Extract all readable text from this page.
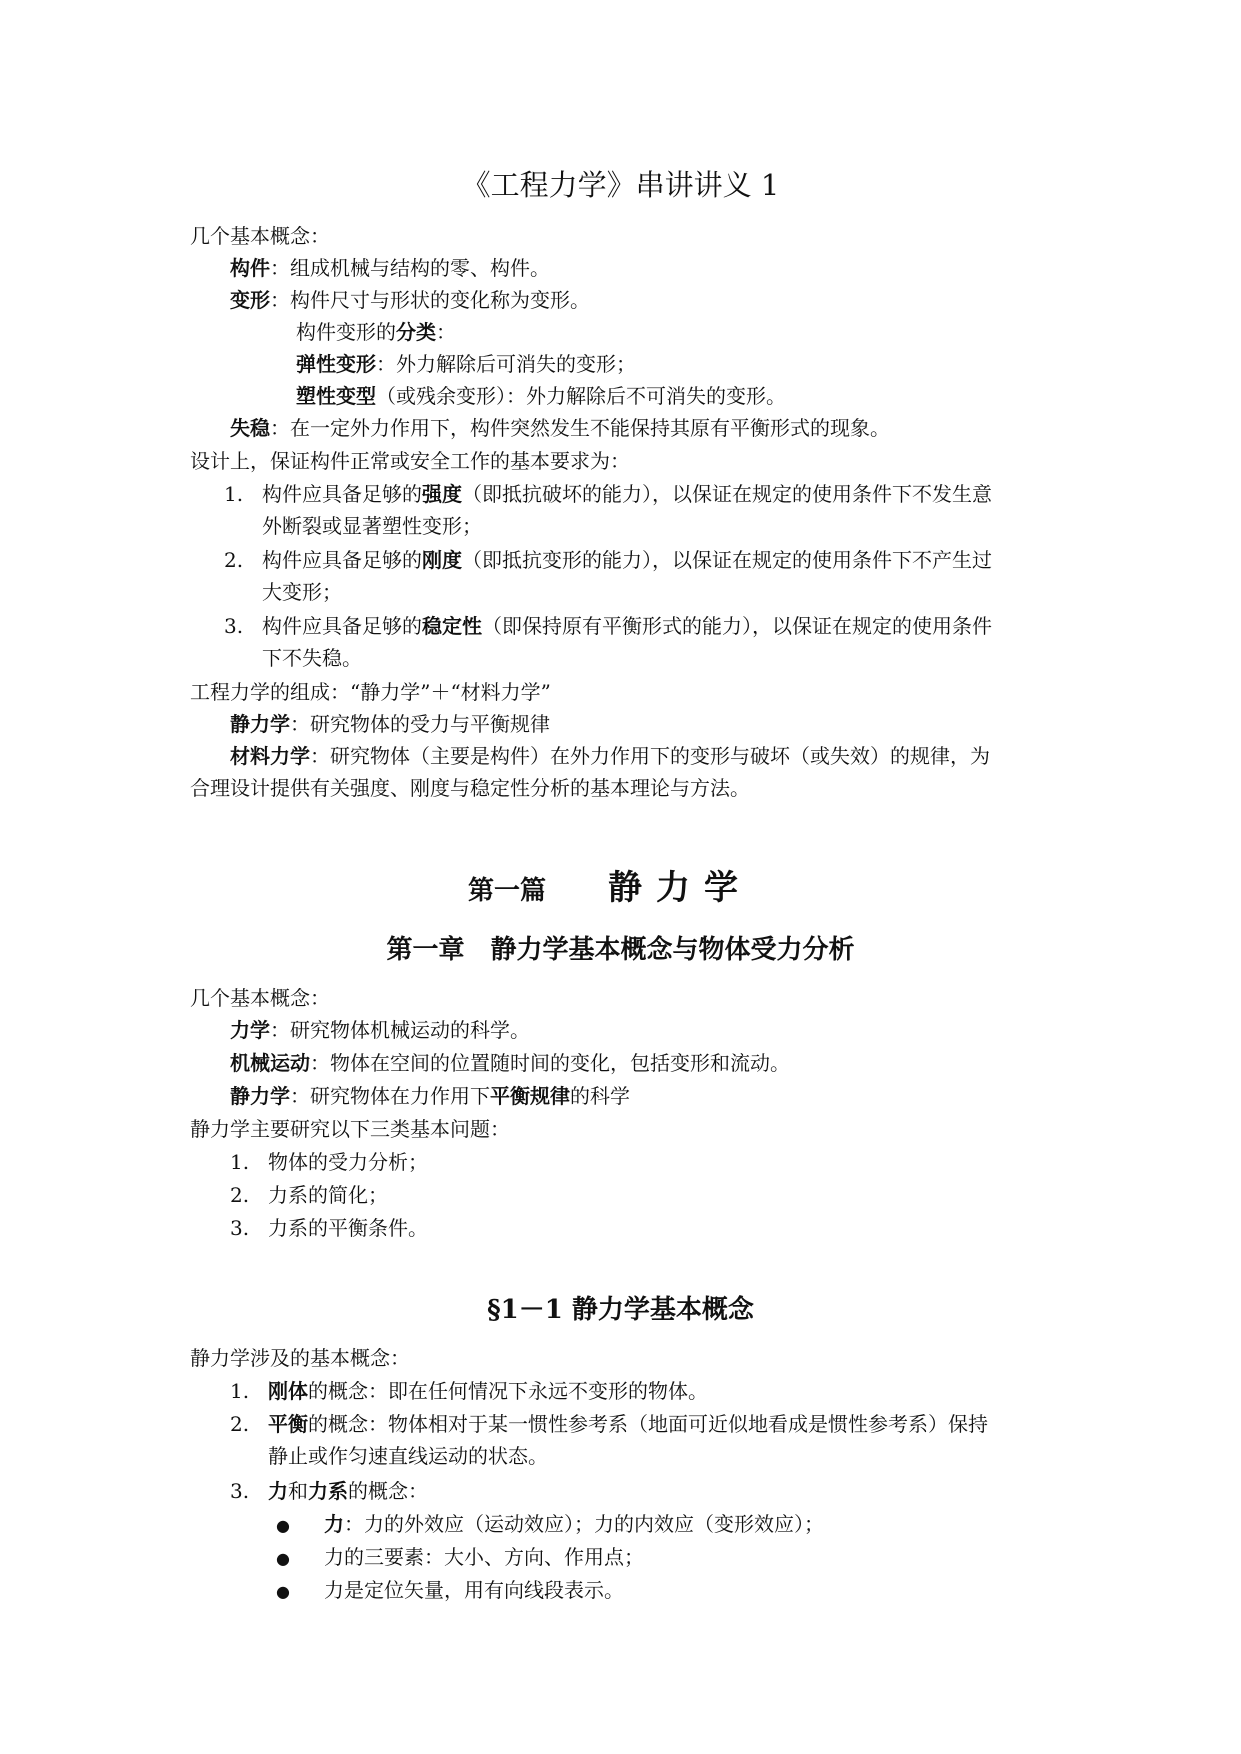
《工程力学》串讲讲义 1
几个基本概念：
构件：组成机械与结构的零、构件。
变形：构件尺寸与形状的变化称为变形。
构件变形的分类：
弹性变形：外力解除后可消失的变形；
塑性变型（或残余变形）：外力解除后不可消失的变形。
失稳：在一定外力作用下，构件突然发生不能保持其原有平衡形式的现象。
设计上，保证构件正常或安全工作的基本要求为：
1. 构件应具备足够的强度（即抵抗破坏的能力），以保证在规定的使用条件下不发生意
外断裂或显著塑性变形；
2. 构件应具备足够的刚度（即抵抗变形的能力），以保证在规定的使用条件下不产生过
大变形；
3. 构件应具备足够的稳定性（即保持原有平衡形式的能力），以保证在规定的使用条件
下不失稳。
工程力学的组成：“静力学”＋“材料力学”
静力学：研究物体的受力与平衡规律
材料力学：研究物体（主要是构件）在外力作用下的变形与破坏（或失效）的规律，为
合理设计提供有关强度、刚度与稳定性分析的基本理论与方法。
第一篇 静力学
第一章　静力学基本概念与物体受力分析
几个基本概念：
力学：研究物体机械运动的科学。
机械运动：物体在空间的位置随时间的变化，包括变形和流动。
静力学：研究物体在力作用下平衡规律的科学
静力学主要研究以下三类基本问题：
1. 物体的受力分析；
2. 力系的简化；
3. 力系的平衡条件。
§1－1 静力学基本概念
静力学涉及的基本概念：
1. 刚体的概念：即在任何情况下永远不变形的物体。
2. 平衡的概念：物体相对于某一惯性参考系（地面可近似地看成是惯性参考系）保持
静止或作匀速直线运动的状态。
3. 力和力系的概念：
● 力：力的外效应（运动效应）；力的内效应（变形效应）；
● 力的三要素：大小、方向、作用点；
● 力是定位矢量，用有向线段表示。
